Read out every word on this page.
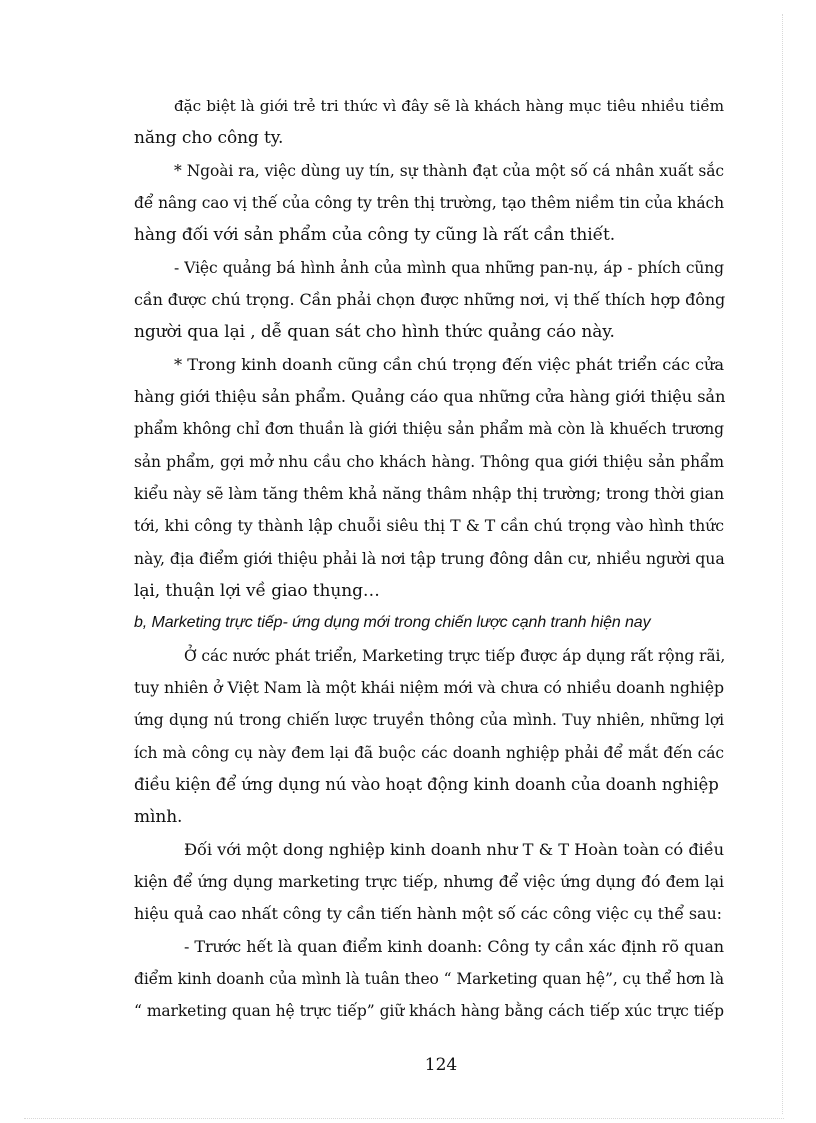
đặc biệt là giới trẻ tri thức vì đây sẽ là khách hàng mục tiêu nhiều tiềm
năng cho công ty.
* Ngoài ra, việc dùng uy tín, sự thành đạt của một số cá nhân xuất sắc
để nâng cao vị thế của công ty trên thị trường, tạo thêm niềm tin của khách
hàng đối với sản phẩm của công ty cũng là rất cần thiết.
- Việc quảng bá hình ảnh của mình qua những pan-nụ, áp - phích cũng
cần được chú trọng. Cần phải chọn được những nơi, vị thế thích hợp đông
người qua lại , dễ quan sát cho hình thức quảng cáo này.
* Trong kinh doanh cũng cần chú trọng đến việc phát triển các cửa
hàng giới thiệu sản phẩm. Quảng cáo qua những cửa hàng giới thiệu sản
phẩm không chỉ đơn thuần là giới thiệu sản phẩm mà còn là khuếch trương
sản phẩm, gợi mở nhu cầu cho khách hàng. Thông qua giới thiệu sản phẩm
kiểu này sẽ làm tăng thêm khả năng thâm nhập thị trường; trong thời gian
tới, khi công ty thành lập chuỗi siêu thị T & T cần chú trọng vào hình thức
này, địa điểm giới thiệu phải là nơi tập trung đông dân cư, nhiều người qua
lại, thuận lợi về giao thụng…
b, Marketing trực tiếp- ứng dụng mới trong chiến lược cạnh tranh hiện nay
Ở các nước phát triển, Marketing trực tiếp được áp dụng rất rộng rãi,
tuy nhiên ở Việt Nam là một khái niệm mới và chưa có nhiều doanh nghiệp
ứng dụng nú trong chiến lược truyền thông của mình. Tuy nhiên, những lợi
ích mà công cụ này đem lại đã buộc các doanh nghiệp phải để mắt đến các
điều kiện để ứng dụng nú vào hoạt động kinh doanh của doanh nghiệp
mình.
Đối với một dong nghiệp kinh doanh như T & T Hoàn toàn có điều
kiện để ứng dụng marketing trực tiếp, nhưng để việc ứng dụng đó đem lại
hiệu quả cao nhất công ty cần tiến hành một số các công việc cụ thể sau:
- Trước hết là quan điểm kinh doanh: Công ty cần xác định rõ quan
điểm kinh doanh của mình là tuân theo “ Marketing quan hệ”, cụ thể hơn là
“ marketing quan hệ trực tiếp” giữ khách hàng bằng cách tiếp xúc trực tiếp
124
